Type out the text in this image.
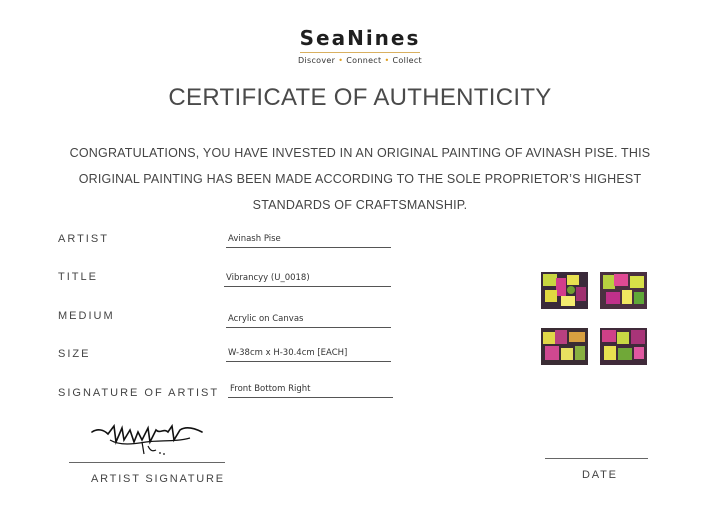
SeaNines
Discover • Connect • Collect
CERTIFICATE OF AUTHENTICITY
CONGRATULATIONS, YOU HAVE INVESTED IN AN ORIGINAL PAINTING OF AVINASH PISE. THIS ORIGINAL PAINTING HAS BEEN MADE ACCORDING TO THE SOLE PROPRIETOR’S HIGHEST STANDARDS OF CRAFTSMANSHIP.
ARTIST	Avinash Pise
TITLE	Vibrancyy (U_0018)
MEDIUM	Acrylic on Canvas
SIZE	W-38cm x H-30.4cm [EACH]
SIGNATURE OF ARTIST Front Bottom Right
ARTIST SIGNATURE	DATE
